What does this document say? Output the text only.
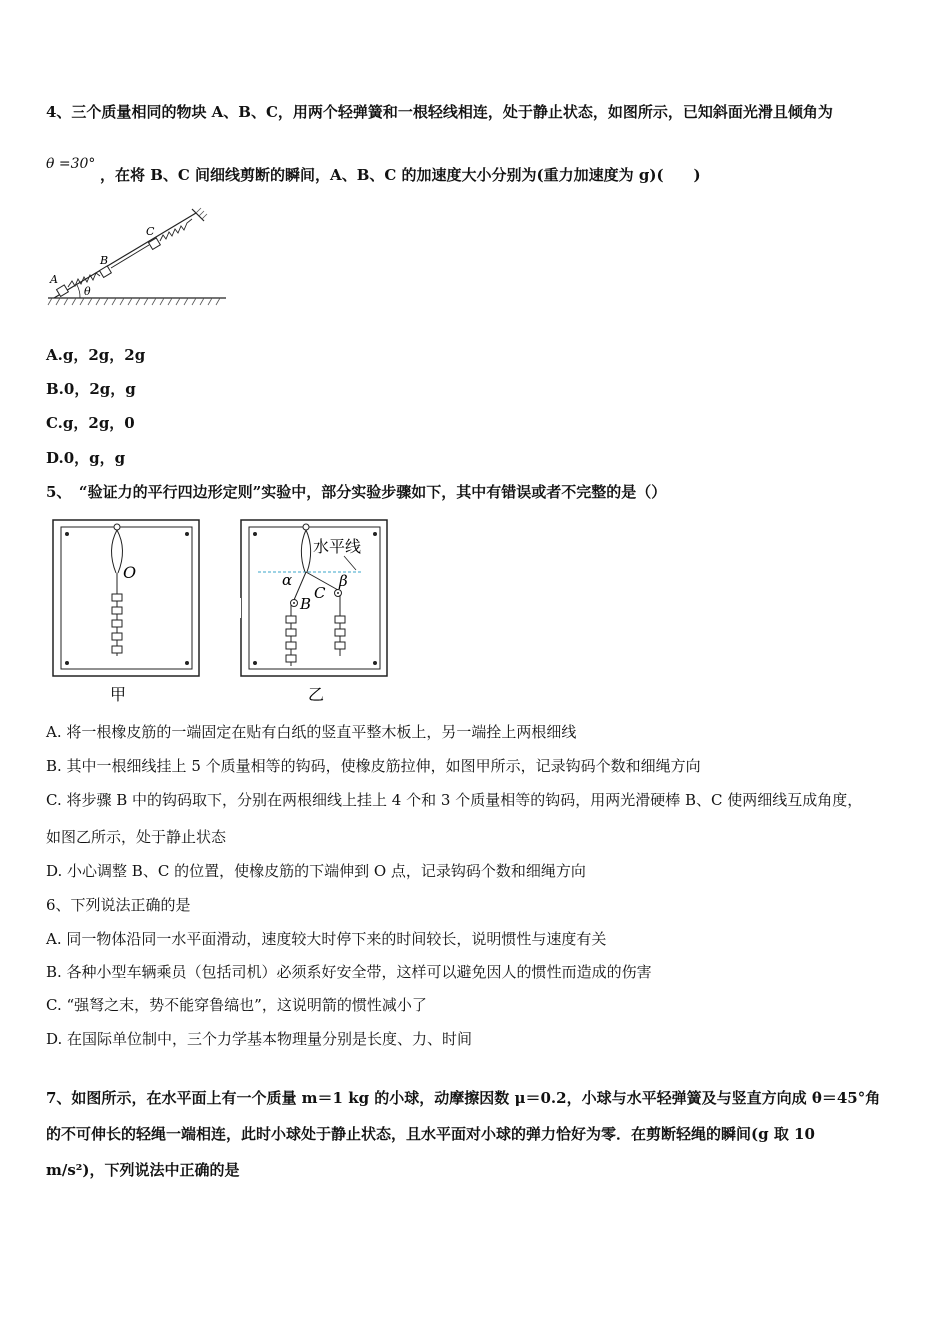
4、三个质量相同的物块 A、B、C，用两个轻弹簧和一根轻线相连，处于静止状态，如图所示，已知斜面光滑且倾角为
θ =30°
，在将 B、C 间细线剪断的瞬间，A、B、C 的加速度大小分别为(重力加速度为 g)(　　)
A
B
C
θ
A.g，2g，2g
B.0，2g，g
C.g，2g，0
D.0，g，g
5、　“验证力的平行四边形定则”实验中，部分实验步骤如下，其中有错误或者不完整的是（）
O
甲
水平线
α	β
B
C
乙
A. 将一根橡皮筋的一端固定在贴有白纸的竖直平整木板上，另一端拴上两根细线
B. 其中一根细线挂上 5 个质量相等的钩码，使橡皮筋拉伸，如图甲所示，记录钩码个数和细绳方向
C. 将步骤 B 中的钩码取下，分别在两根细线上挂上 4 个和 3 个质量相等的钩码，用两光滑硬棒 B、C 使两细线互成角度，
如图乙所示，处于静止状态
D. 小心调整 B、C 的位置，使橡皮筋的下端伸到 O 点，记录钩码个数和细绳方向
6、下列说法正确的是
A. 同一物体沿同一水平面滑动，速度较大时停下来的时间较长，说明惯性与速度有关
B. 各种小型车辆乘员（包括司机）必须系好安全带，这样可以避免因人的惯性而造成的伤害
C. “强弩之末，势不能穿鲁缟也”，这说明箭的惯性减小了
D. 在国际单位制中，三个力学基本物理量分别是长度、力、时间
7、如图所示，在水平面上有一个质量 m＝1 kg 的小球，动摩擦因数 μ＝0.2，小球与水平轻弹簧及与竖直方向成 θ＝45°角
的不可伸长的轻绳一端相连，此时小球处于静止状态，且水平面对小球的弹力恰好为零．在剪断轻绳的瞬间(g 取 10
m/s²)，下列说法中正确的是
